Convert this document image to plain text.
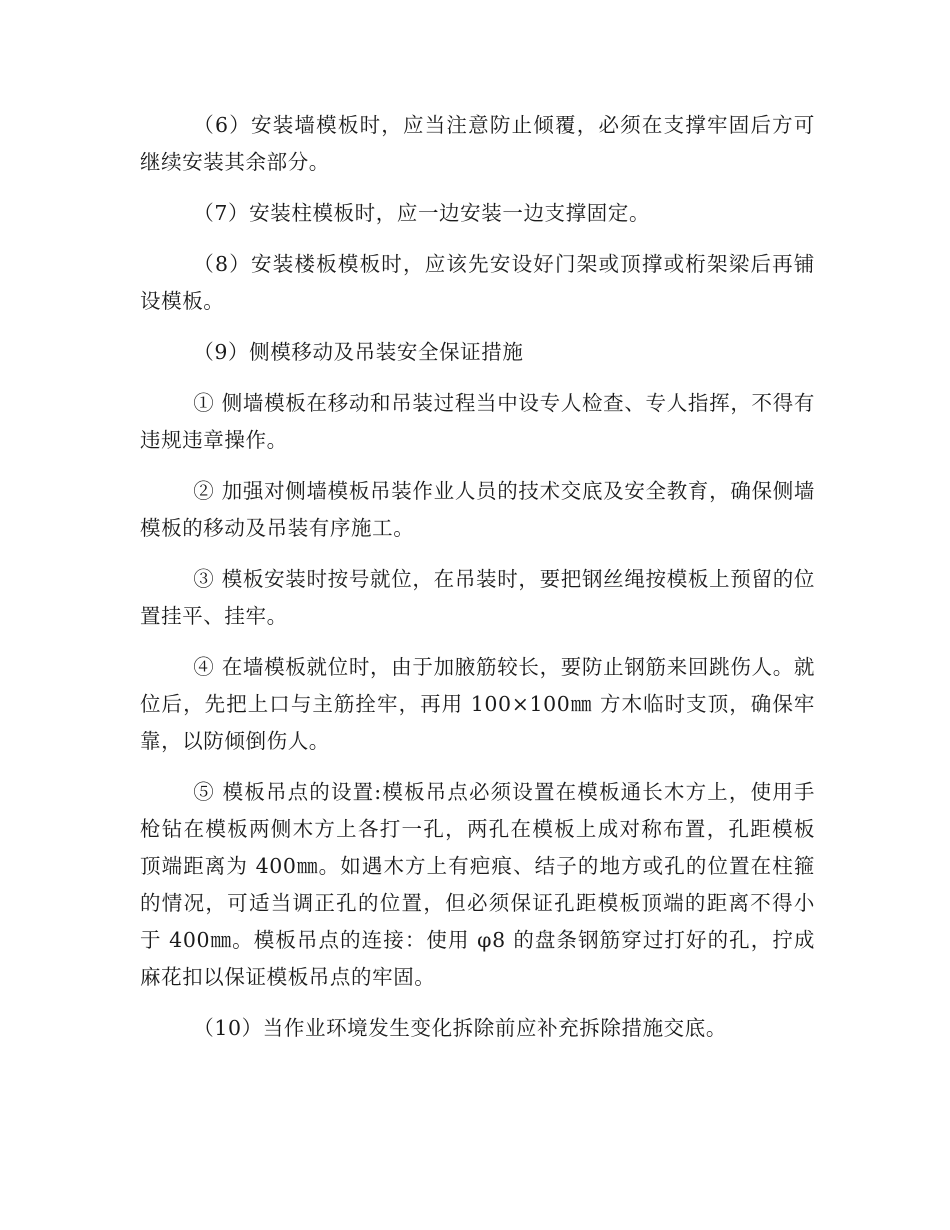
（6）安装墙模板时，应当注意防止倾覆，必须在支撑牢固后方可继续安装其余部分。

（7）安装柱模板时，应一边安装一边支撑固定。

（8）安装楼板模板时，应该先安设好门架或顶撑或桁架梁后再铺设模板。

（9）侧模移动及吊装安全保证措施

① 侧墙模板在移动和吊装过程当中设专人检查、专人指挥，不得有违规违章操作。

② 加强对侧墙模板吊装作业人员的技术交底及安全教育，确保侧墙模板的移动及吊装有序施工。

③ 模板安装时按号就位，在吊装时，要把钢丝绳按模板上预留的位置挂平、挂牢。

④ 在墙模板就位时，由于加腋筋较长，要防止钢筋来回跳伤人。就位后，先把上口与主筋拴牢，再用 100×100㎜ 方木临时支顶，确保牢靠，以防倾倒伤人。

⑤ 模板吊点的设置:模板吊点必须设置在模板通长木方上，使用手枪钻在模板两侧木方上各打一孔，两孔在模板上成对称布置，孔距模板顶端距离为 400㎜。如遇木方上有疤痕、结子的地方或孔的位置在柱箍的情况，可适当调正孔的位置，但必须保证孔距模板顶端的距离不得小于 400㎜。模板吊点的连接：使用 φ8 的盘条钢筋穿过打好的孔，拧成麻花扣以保证模板吊点的牢固。

（10）当作业环境发生变化拆除前应补充拆除措施交底。
